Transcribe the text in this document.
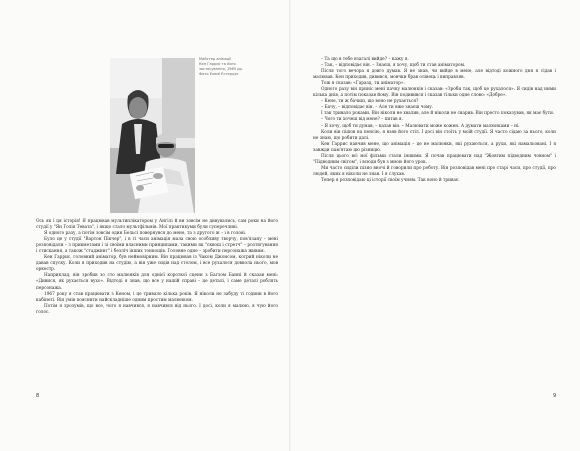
Майстер анімації
Кен Гаррис та його
застосування, 1965 рр.
Фото Ехемі Естерцес

Ось як і ця історія! Я працював мультиплікатором у Ангілі й ви зовсім не дивувались, сам роки на його студії у "Ян Голія Тевата", і якщо стало мультфільмів. Мої практикуми були суперечливі.

Я одного разу, а потім зовсім один Бельсі повернувся до мене, та з другого ж – і в голові.

Було це у студії "Вартон Пікчер", і в ті часи анімація мала свою особливу творчу, пов'язану – мені розповідали – з прикметами і зі своїми власними принципами, такими як "сквош і стретч" – розтягування і стискання, а також "стаджинг" і безліч інших тонкощів. Головне одне – зробити персонажа живим.

Кен Гаррис, головний аніматор, був неймовірним. Він працював із Чаком Джонсом, котрий ніколи не давав спуску. Коли я приходив на студію, а він уже сидів над столом, і все рухалося довкола нього, мов оркестр.

Наприклад, він зробив зо сто малюнків для однієї короткої сцени з Багзом Банні й сказав мені: «Дивися, як рухається вухо». Відтоді я знав, що все у нашій справі – це деталі, і саме деталі роблять персонажа.

1967 року я став працювати з Кеном, і це тривало кілька років. Я ніколи не забуду ті години в його кабінеті. Він умів пояснити найскладніше одним простим малюнком.

Потім я зрозумів, що все, чого я навчився, я навчився від нього. І досі, коли я малюю, я чую його голос.

8

– Та що в тебе взагалі вийде? – кажу я.

– Так, – відповідає він. – Знаєш, я хочу, щоб ти став аніматором.

Після того вечора я довго думав. Я не знав, чи вийде в мене, але відтоді кожного дня я сідав і малював. Кен приходив, дивився, мовчки брав олівець і виправляв.

Тож я сказав: «Гаразд, ти аніматор».

Одного разу він приніс мені пачку малюнків і сказав: «Зроби так, щоб це рухалося». Я сидів над ними кілька днів, а потім показав йому. Він подивився і сказав тільки одне слово: «Добре».

– Кене, ти ж бачиш, що воно не рухається?

– Бачу, – відповідає він. – Але ти вже знаєш чому.

І так тривало роками. Він ніколи не хвалив, але й ніколи не сварив. Він просто показував, як має бути.

– Чого ти хочеш від мене? – питав я.

– Я хочу, щоб ти думав, – казав він. – Малювати може кожен. А думати малюнками – ні.

Коли він пішов на пенсію, я взяв його стіл. І досі він стоїть у моїй студії. Я часто сідаю за нього, коли не знаю, що робити далі.

Кен Гаррис навчив мене, що анімація – це не малюнки, які рухаються, а рухи, які намальовані. І я завжди пам'ятаю цю різницю.

Після цього всі мої фільми стали іншими. Я почав працювати над "Жовтим підводним човном" і "Підводним світом", і всюди був з мною його урок.

Ми часто сиділи пізно вночі й говорили про роботу. Він розповідав мені про старі часи, про студії, про людей, яких я ніколи не знав. І я слухав.

Тепер я розповідаю ці історії своїм учням. Так воно й триває.

9
